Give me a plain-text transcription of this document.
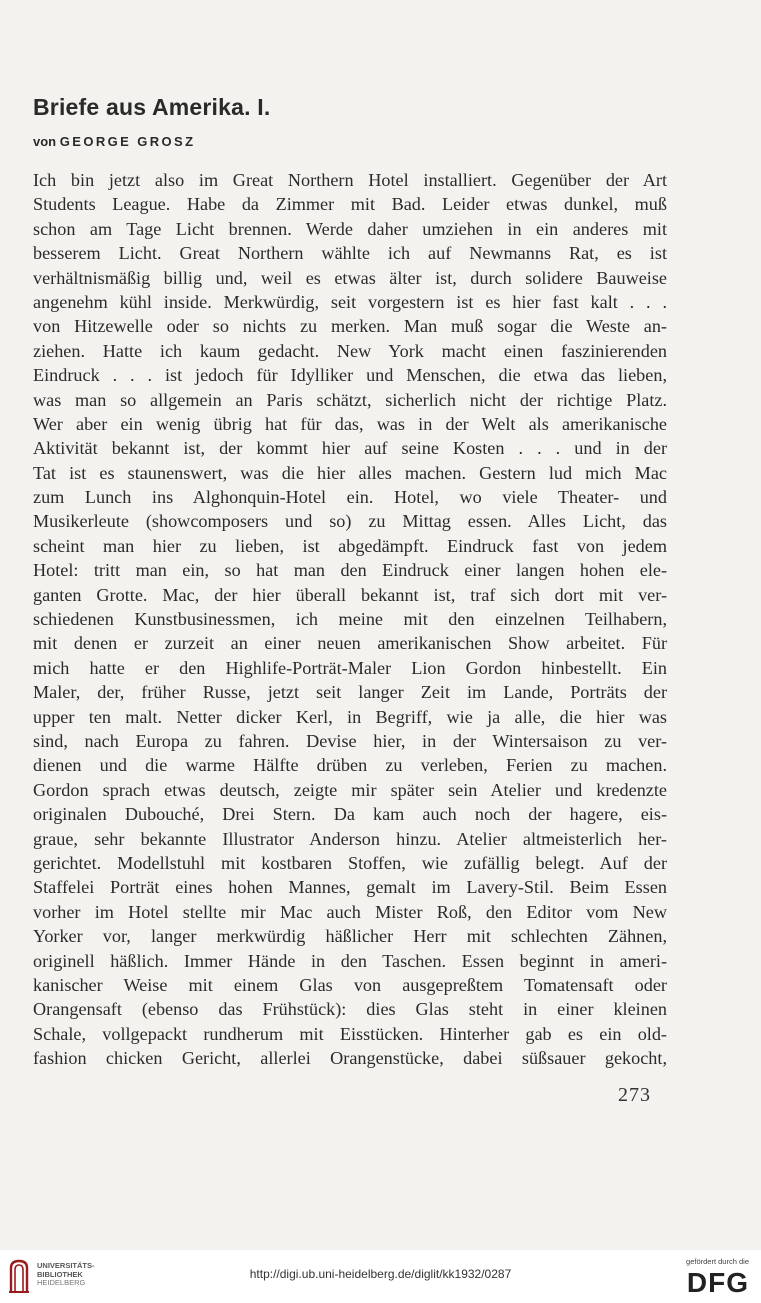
Briefe aus Amerika. I.
von GEORGE GROSZ
Ich bin jetzt also im Great Northern Hotel installiert. Gegenüber der Art
Students League. Habe da Zimmer mit Bad. Leider etwas dunkel, muß
schon am Tage Licht brennen. Werde daher umziehen in ein anderes mit
besserem Licht. Great Northern wählte ich auf Newmanns Rat, es ist
verhältnismäßig billig und, weil es etwas älter ist, durch solidere Bauweise
angenehm kühl inside. Merkwürdig, seit vorgestern ist es hier fast kalt . . .
von Hitzewelle oder so nichts zu merken. Man muß sogar die Weste an-
ziehen. Hatte ich kaum gedacht. New York macht einen faszinierenden
Eindruck . . . ist jedoch für Idylliker und Menschen, die etwa das lieben,
was man so allgemein an Paris schätzt, sicherlich nicht der richtige Platz.
Wer aber ein wenig übrig hat für das, was in der Welt als amerikanische
Aktivität bekannt ist, der kommt hier auf seine Kosten . . . und in der
Tat ist es staunenswert, was die hier alles machen. Gestern lud mich Mac
zum Lunch ins Alghonquin-Hotel ein. Hotel, wo viele Theater- und
Musikerleute (showcomposers und so) zu Mittag essen. Alles Licht, das
scheint man hier zu lieben, ist abgedämpft. Eindruck fast von jedem
Hotel: tritt man ein, so hat man den Eindruck einer langen hohen ele-
ganten Grotte. Mac, der hier überall bekannt ist, traf sich dort mit ver-
schiedenen Kunstbusinessmen, ich meine mit den einzelnen Teilhabern,
mit denen er zurzeit an einer neuen amerikanischen Show arbeitet. Für
mich hatte er den Highlife-Porträt-Maler Lion Gordon hinbestellt. Ein
Maler, der, früher Russe, jetzt seit langer Zeit im Lande, Porträts der
upper ten malt. Netter dicker Kerl, in Begriff, wie ja alle, die hier was
sind, nach Europa zu fahren. Devise hier, in der Wintersaison zu ver-
dienen und die warme Hälfte drüben zu verleben, Ferien zu machen.
Gordon sprach etwas deutsch, zeigte mir später sein Atelier und kredenzte
originalen Dubouché, Drei Stern. Da kam auch noch der hagere, eis-
graue, sehr bekannte Illustrator Anderson hinzu. Atelier altmeisterlich her-
gerichtet. Modellstuhl mit kostbaren Stoffen, wie zufällig belegt. Auf der
Staffelei Porträt eines hohen Mannes, gemalt im Lavery-Stil. Beim Essen
vorher im Hotel stellte mir Mac auch Mister Roß, den Editor vom New
Yorker vor, langer merkwürdig häßlicher Herr mit schlechten Zähnen,
originell häßlich. Immer Hände in den Taschen. Essen beginnt in ameri-
kanischer Weise mit einem Glas von ausgepreßtem Tomatensaft oder
Orangensaft (ebenso das Frühstück): dies Glas steht in einer kleinen
Schale, vollgepackt rundherum mit Eisstücken. Hinterher gab es ein old-
fashion chicken Gericht, allerlei Orangenstücke, dabei süßsauer gekocht,
273
UNIVERSITÄTS-
BIBLIOTHEK
HEIDELBERG
http://digi.ub.uni-heidelberg.de/diglit/kk1932/0287
gefördert durch die
DFG
